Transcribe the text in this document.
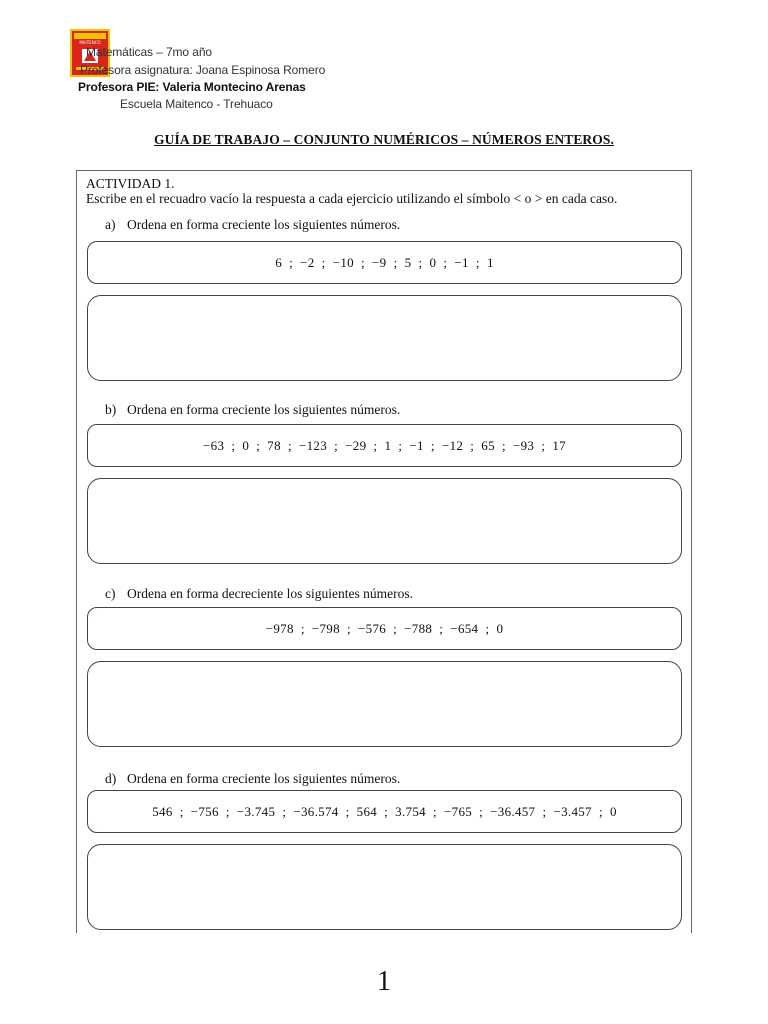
MAITENCO
Matemáticas – 7mo año
Profesora asignatura: Joana Espinosa Romero
Profesora PIE: Valeria Montecino Arenas
Escuela Maitenco - Trehuaco
GUÍA DE TRABAJO – CONJUNTO NUMÉRICOS – NÚMEROS ENTEROS.
ACTIVIDAD 1.
Escribe en el recuadro vacío la respuesta a cada ejercicio utilizando el símbolo < o > en cada caso.
a) Ordena en forma creciente los siguientes números.
6  ;  −2  ;  −10  ;  −9  ;  5  ;  0  ;  −1  ;  1
b) Ordena en forma creciente los siguientes números.
−63  ;  0  ;  78  ;  −123  ;  −29  ;  1  ;  −1  ;  −12  ;  65  ;  −93  ;  17
c) Ordena en forma decreciente los siguientes números.
−978  ;  −798  ;  −576  ;  −788  ;  −654  ;  0
d) Ordena en forma creciente los siguientes números.
546  ;  −756  ;  −3.745  ;  −36.574  ;  564  ;  3.754  ;  −765  ;  −36.457  ;  −3.457  ;  0
1
